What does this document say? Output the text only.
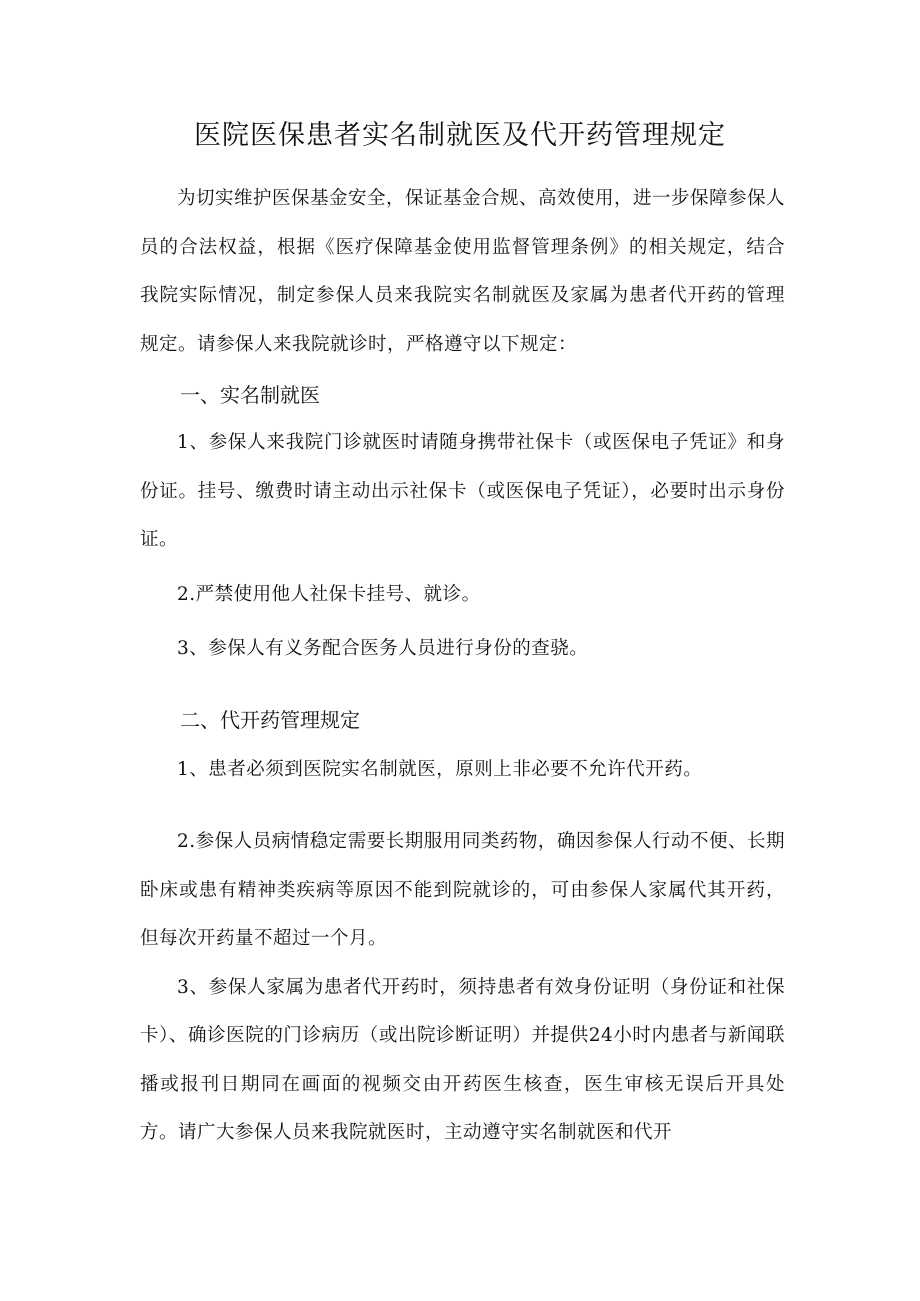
医院医保患者实名制就医及代开药管理规定

为切实维护医保基金安全，保证基金合规、高效使用，进一步保障参保人员的合法权益，根据《医疗保障基金使用监督管理条例》的相关规定，结合我院实际情况，制定参保人员来我院实名制就医及家属为患者代开药的管理规定。请参保人来我院就诊时，严格遵守以下规定：

一、实名制就医

1、参保人来我院门诊就医时请随身携带社保卡（或医保电子凭证》和身份证。挂号、缴费时请主动出示社保卡（或医保电子凭证），必要时出示身份证。

2.严禁使用他人社保卡挂号、就诊。

3、参保人有义务配合医务人员进行身份的查骁。

二、代开药管理规定

1、患者必须到医院实名制就医，原则上非必要不允许代开药。

2.参保人员病情稳定需要长期服用同类药物，确因参保人行动不便、长期卧床或患有精神类疾病等原因不能到院就诊的，可由参保人家属代其开药，但每次开药量不超过一个月。

3、参保人家属为患者代开药时，须持患者有效身份证明（身份证和社保卡）、确诊医院的门诊病历（或出院诊断证明）并提供24小时内患者与新闻联播或报刊日期同在画面的视频交由开药医生核查，医生审核无误后开具处方。请广大参保人员来我院就医时，主动遵守实名制就医和代开
